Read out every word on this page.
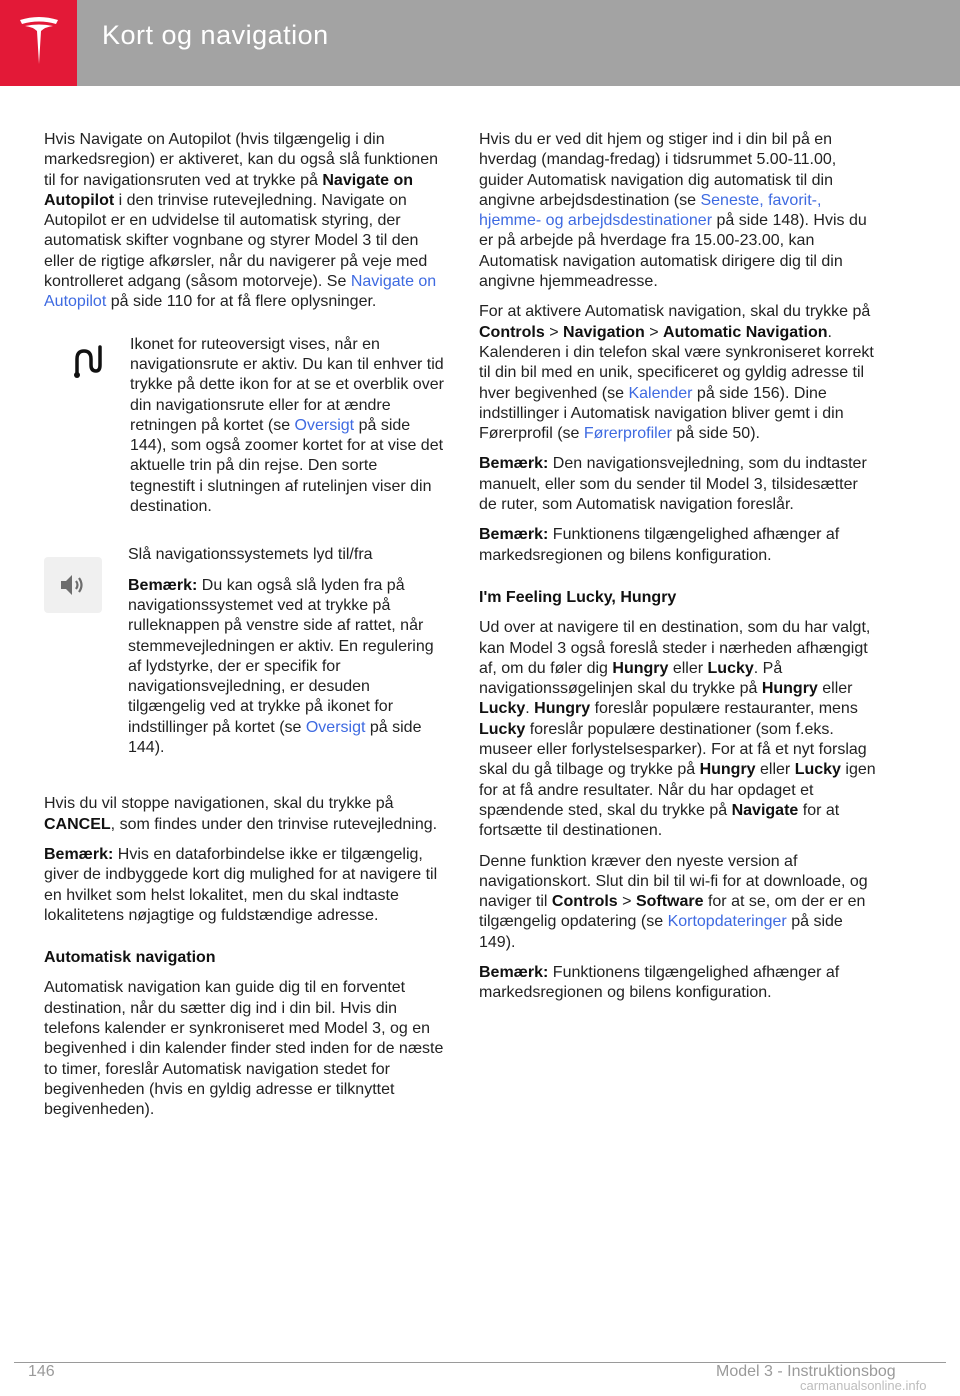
Kort og navigation

Hvis Navigate on Autopilot (hvis tilgængelig i din markedsregion) er aktiveret, kan du også slå funktionen til for navigationsruten ved at trykke på Navigate on Autopilot i den trinvise rutevejledning. Navigate on Autopilot er en udvidelse til automatisk styring, der automatisk skifter vognbane og styrer Model 3 til den eller de rigtige afkørsler, når du navigerer på veje med kontrolleret adgang (såsom motorveje). Se Navigate on Autopilot på side 110 for at få flere oplysninger.

Ikonet for ruteoversigt vises, når en navigationsrute er aktiv. Du kan til enhver tid trykke på dette ikon for at se et overblik over din navigationsrute eller for at ændre retningen på kortet (se Oversigt på side 144), som også zoomer kortet for at vise det aktuelle trin på din rejse. Den sorte tegnestift i slutningen af rutelinjen viser din destination.

Slå navigationssystemets lyd til/fra

Bemærk: Du kan også slå lyden fra på navigationssystemet ved at trykke på rulleknappen på venstre side af rattet, når stemmevejledningen er aktiv. En regulering af lydstyrke, der er specifik for navigationsvejledning, er desuden tilgængelig ved at trykke på ikonet for indstillinger på kortet (se Oversigt på side 144).

Hvis du vil stoppe navigationen, skal du trykke på CANCEL, som findes under den trinvise rutevejledning.

Bemærk: Hvis en dataforbindelse ikke er tilgængelig, giver de indbyggede kort dig mulighed for at navigere til en hvilket som helst lokalitet, men du skal indtaste lokalitetens nøjagtige og fuldstændige adresse.

Automatisk navigation

Automatisk navigation kan guide dig til en forventet destination, når du sætter dig ind i din bil. Hvis din telefons kalender er synkroniseret med Model 3, og en begivenhed i din kalender finder sted inden for de næste to timer, foreslår Automatisk navigation stedet for begivenheden (hvis en gyldig adresse er tilknyttet begivenheden).

Hvis du er ved dit hjem og stiger ind i din bil på en hverdag (mandag-fredag) i tidsrummet 5.00-11.00, guider Automatisk navigation dig automatisk til din angivne arbejdsdestination (se Seneste, favorit-, hjemme- og arbejdsdestinationer på side 148). Hvis du er på arbejde på hverdage fra 15.00-23.00, kan Automatisk navigation automatisk dirigere dig til din angivne hjemmeadresse.

For at aktivere Automatisk navigation, skal du trykke på Controls > Navigation > Automatic Navigation. Kalenderen i din telefon skal være synkroniseret korrekt til din bil med en unik, specificeret og gyldig adresse til hver begivenhed (se Kalender på side 156). Dine indstillinger i Automatisk navigation bliver gemt i din Førerprofil (se Førerprofiler på side 50).

Bemærk: Den navigationsvejledning, som du indtaster manuelt, eller som du sender til Model 3, tilsidesætter de ruter, som Automatisk navigation foreslår.

Bemærk: Funktionens tilgængelighed afhænger af markedsregionen og bilens konfiguration.

I'm Feeling Lucky, Hungry

Ud over at navigere til en destination, som du har valgt, kan Model 3 også foreslå steder i nærheden afhængigt af, om du føler dig Hungry eller Lucky. På navigationssøgelinjen skal du trykke på Hungry eller Lucky. Hungry foreslår populære restauranter, mens Lucky foreslår populære destinationer (som f.eks. museer eller forlystelsesparker). For at få et nyt forslag skal du gå tilbage og trykke på Hungry eller Lucky igen for at få andre resultater. Når du har opdaget et spændende sted, skal du trykke på Navigate for at fortsætte til destinationen.

Denne funktion kræver den nyeste version af navigationskort. Slut din bil til wi-fi for at downloade, og naviger til Controls > Software for at se, om der er en tilgængelig opdatering (se Kortopdateringer på side 149).

Bemærk: Funktionens tilgængelighed afhænger af markedsregionen og bilens konfiguration.

146	Model 3 - Instruktionsbog
carmanualsonline.info
